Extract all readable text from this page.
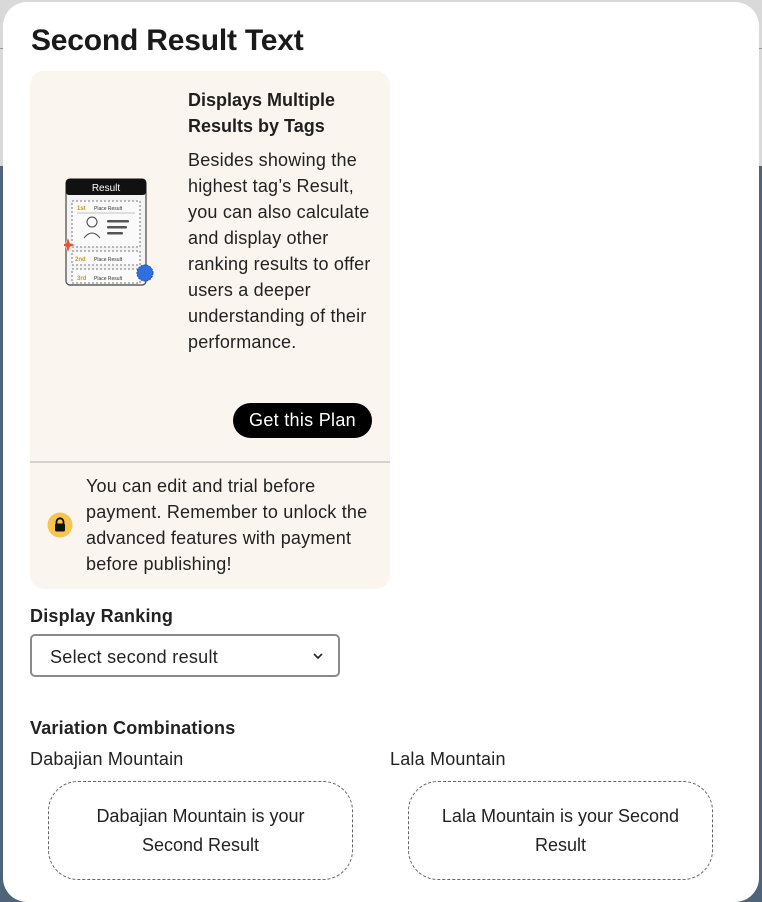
Second Result Text
Result
1st Place Result
2nd Place Result
3rd Place Result
Displays Multiple Results by Tags
Besides showing the highest tag’s Result, you can also calculate and display other ranking results to offer users a deeper understanding of their performance.
Get this Plan
You can edit and trial before payment. Remember to unlock the advanced features with payment before publishing!
Display Ranking
Select second result
Variation Combinations
Dabajian Mountain
Dabajian Mountain is your Second Result
Lala Mountain
Lala Mountain is your Second Result
